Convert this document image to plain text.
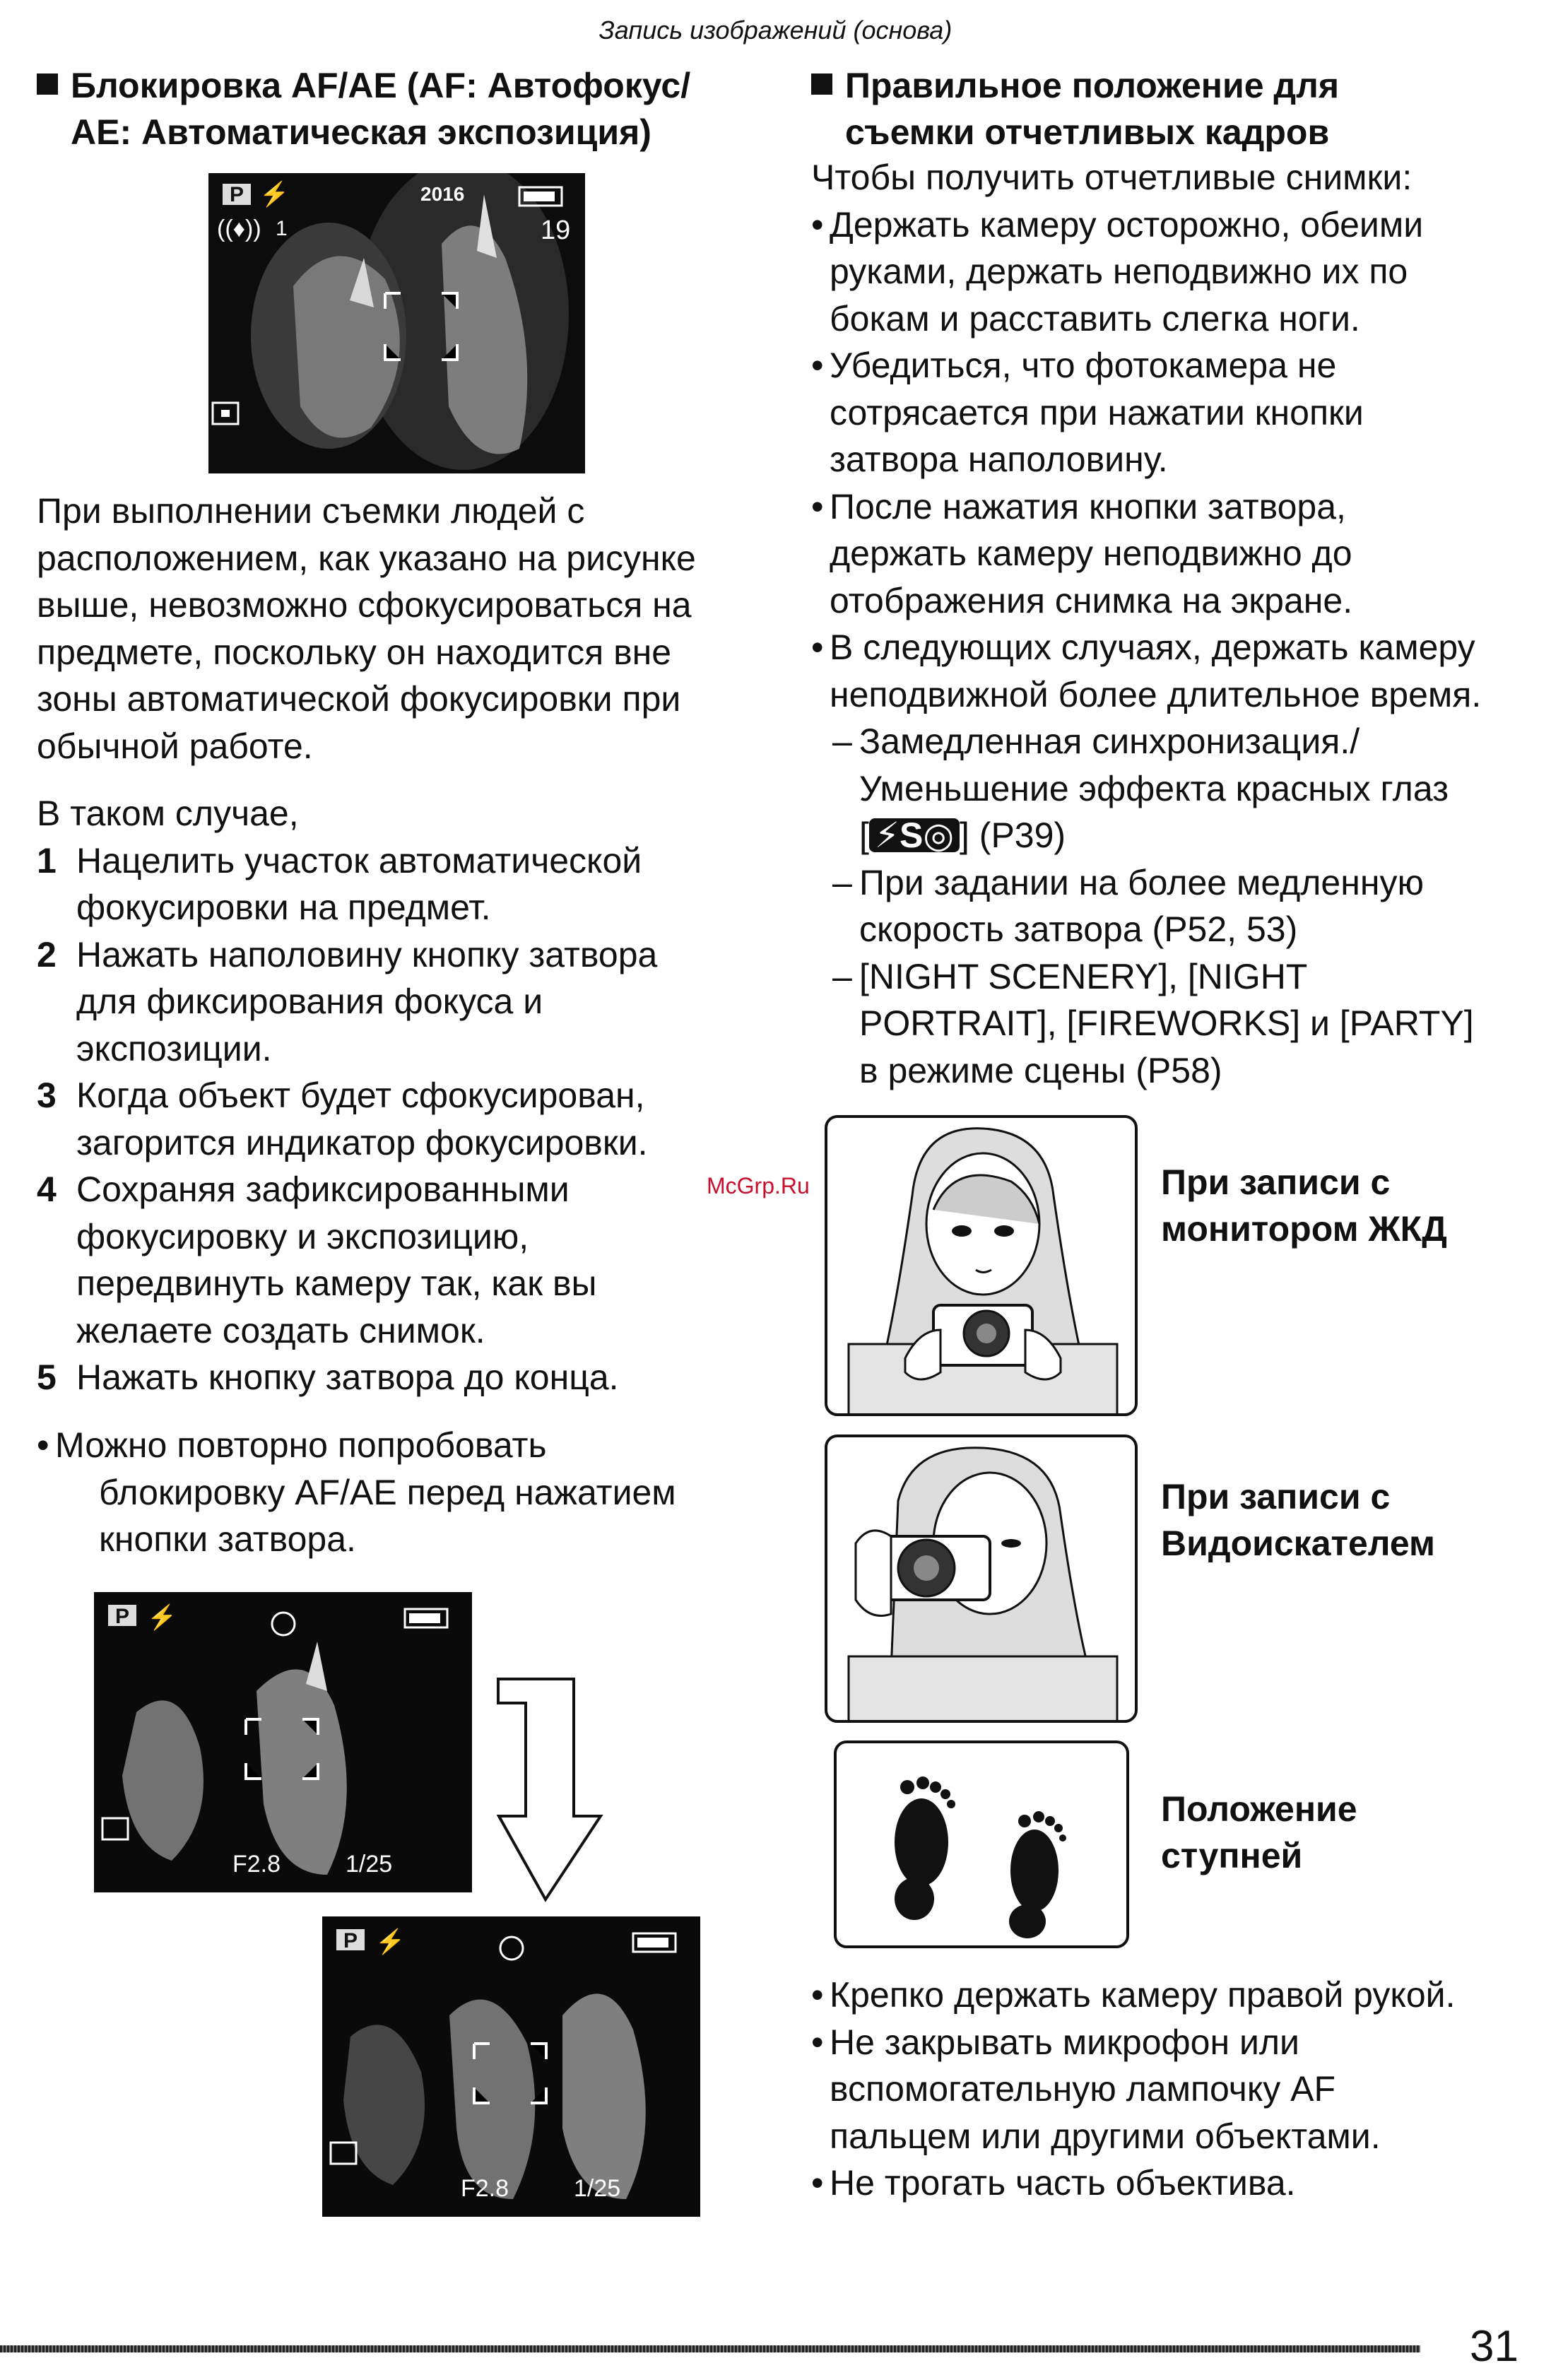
Запись изображений (основа)
Блокировка AF/AE (AF: Автофокус/
AE: Автоматическая экспозиция)
P ⚡
((♦)) 1
2016
19
При выполнении съемки людей с
расположением, как указано на рисунке
выше, невозможно сфокусироваться на
предмете, поскольку он находится вне
зоны автоматической фокусировки при
обычной работе.
В таком случае,
1 Нацелить участок автоматической
фокусировки на предмет.
2 Нажать наполовину кнопку затвора
для фиксирования фокуса и
экспозиции.
3 Когда объект будет сфокусирован,
загорится индикатор фокусировки.
4 Сохраняя зафиксированными
фокусировку и экспозицию,
передвинуть камеру так, как вы
желаете создать снимок.
5 Нажать кнопку затвора до конца.
• Можно повторно попробовать
блокировку AF/AE перед нажатием
кнопки затвора.
P ⚡
F2.8	1/25
P ⚡
F2.8	1/25
McGrp.Ru
Правильное положение для
съемки отчетливых кадров
Чтобы получить отчетливые снимки:
• Держать камеру осторожно, обеими
руками, держать неподвижно их по
бокам и расставить слегка ноги.
• Убедиться, что фотокамера не
сотрясается при нажатии кнопки
затвора наполовину.
• После нажатия кнопки затвора,
держать камеру неподвижно до
отображения снимка на экране.
• В следующих случаях, держать камеру
неподвижной более длительное время.
– Замедленная синхронизация./
Уменьшение эффекта красных глаз
[ ⚡S◎ ] (P39)
– При задании на более медленную
скорость затвора (P52, 53)
– [NIGHT SCENERY], [NIGHT
PORTRAIT], [FIREWORKS] и [PARTY]
в режиме сцены (P58)
При записи с
монитором ЖКД
При записи с
Видоискателем
Положение
ступней
• Крепко держать камеру правой рукой.
• Не закрывать микрофон или
вспомогательную лампочку AF
пальцем или другими объектами.
• Не трогать часть объектива.
31
